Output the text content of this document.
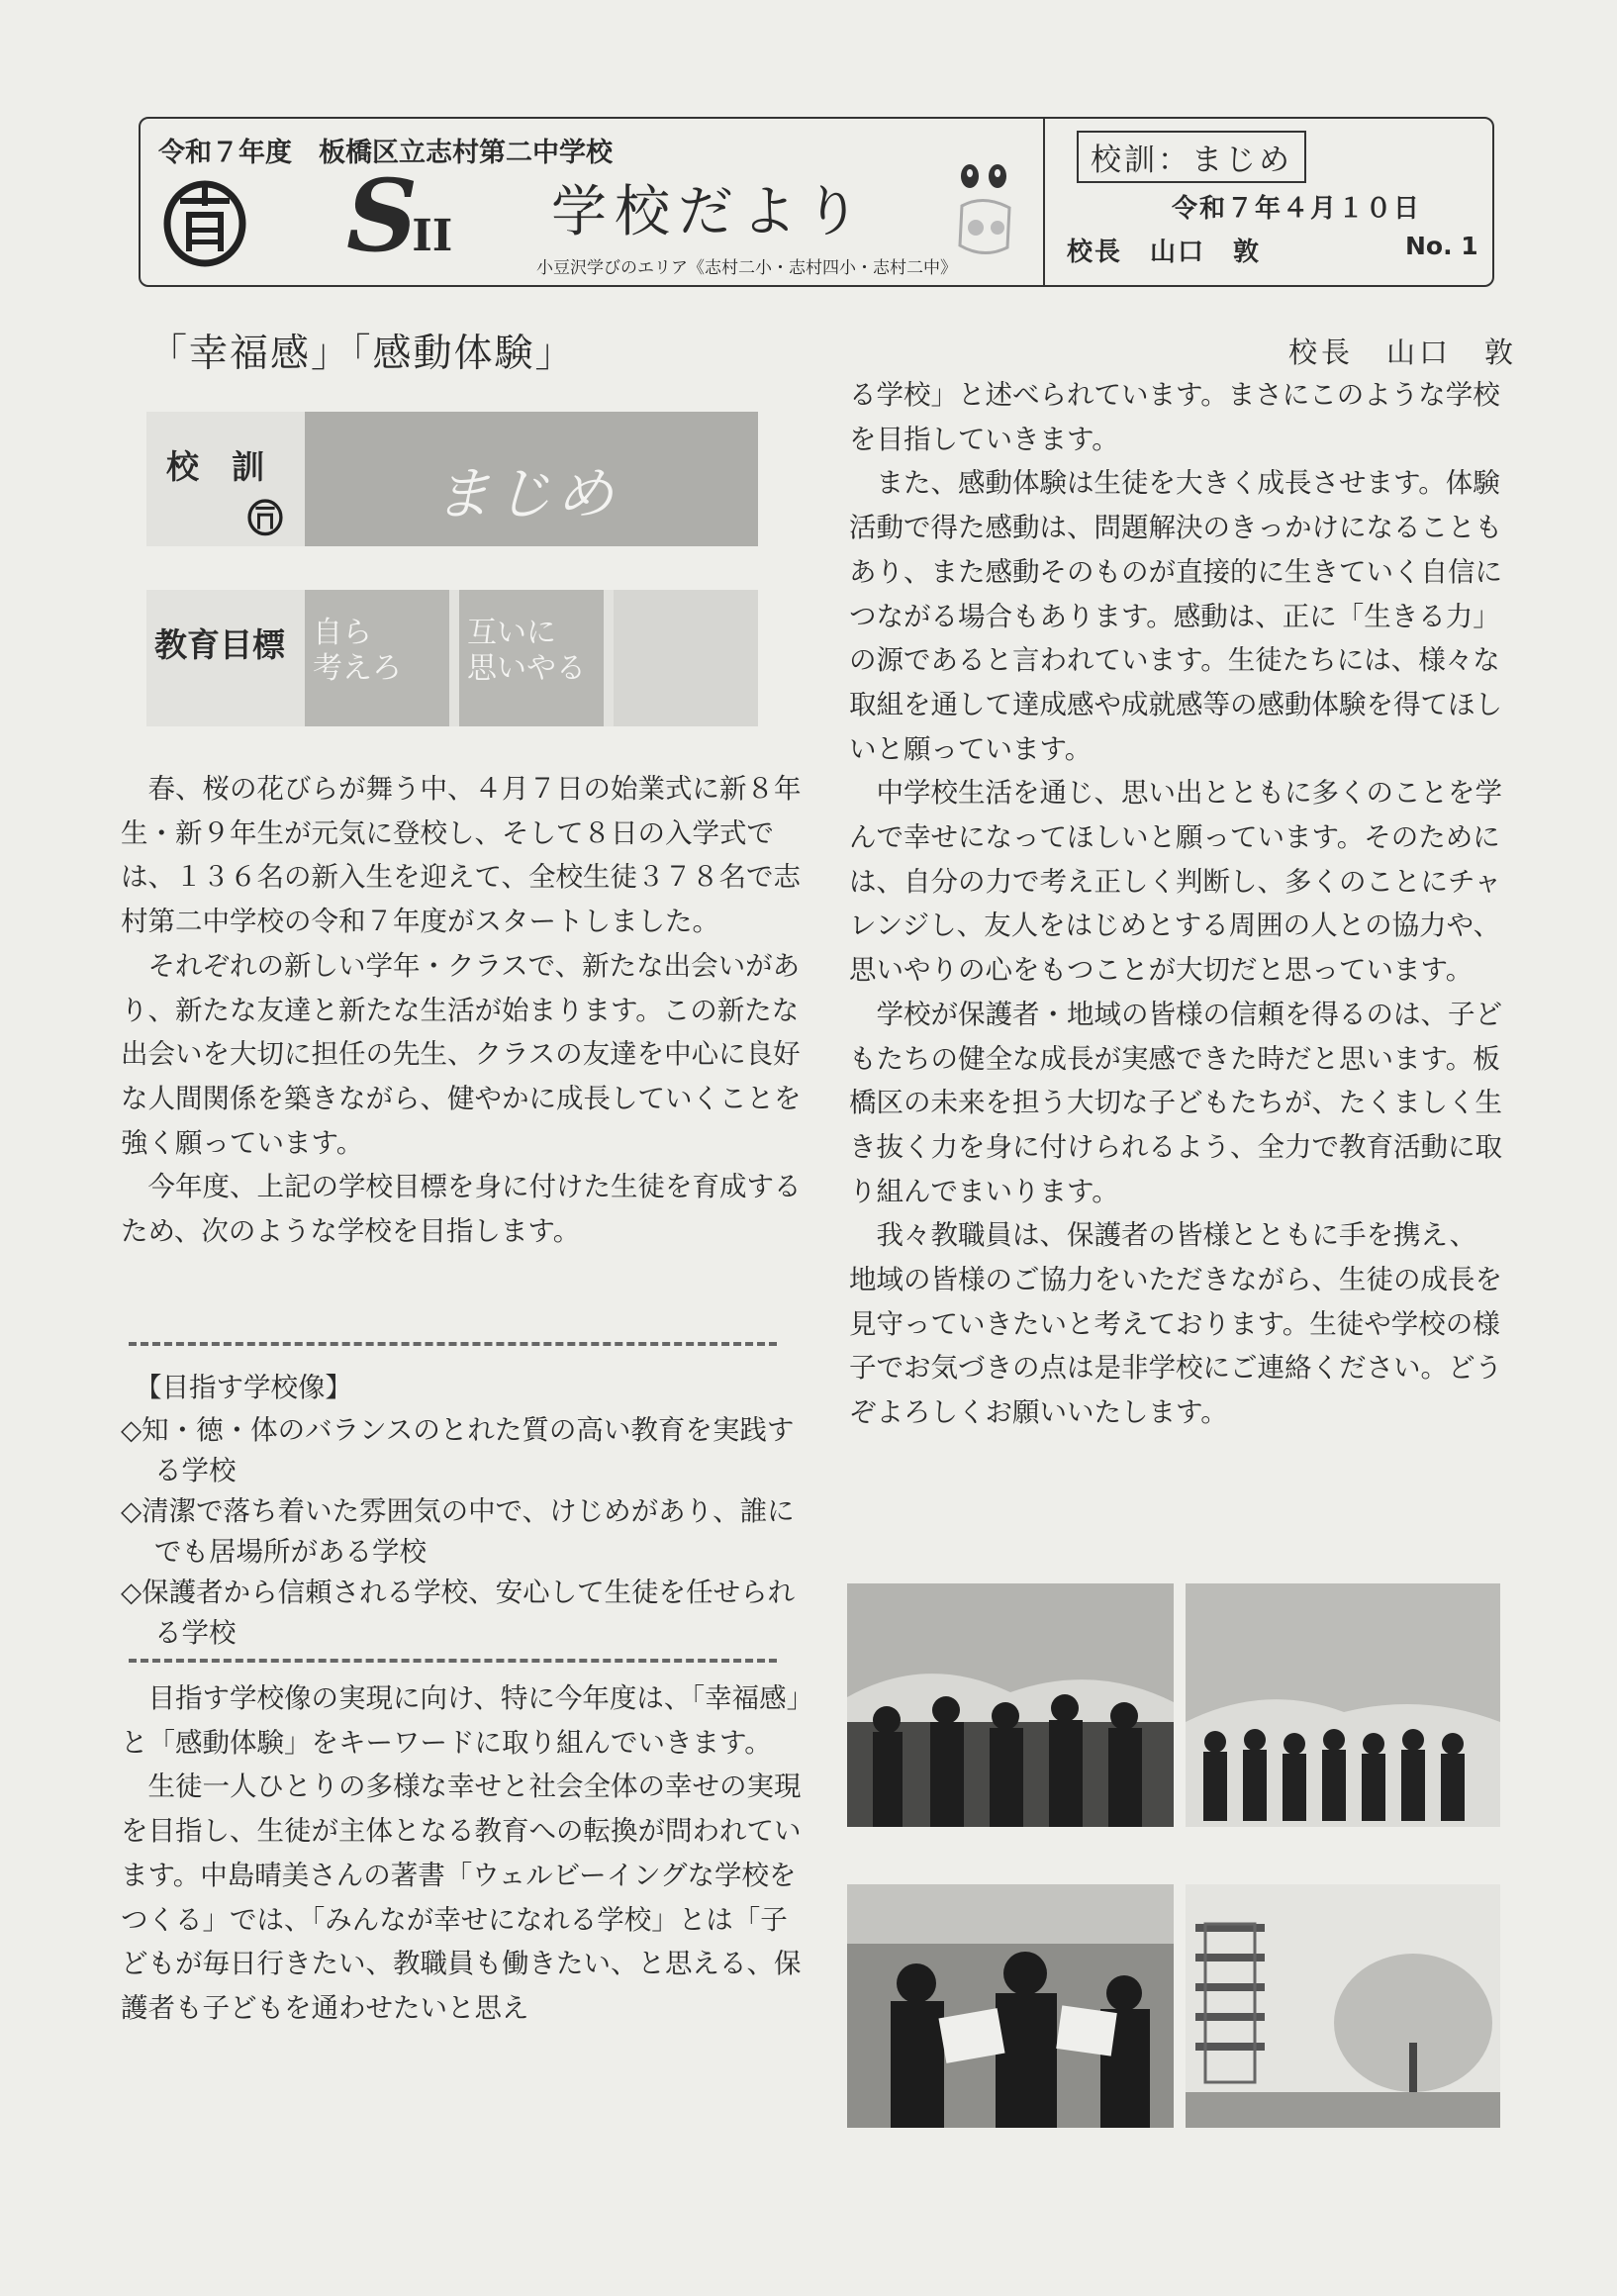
令和７年度　板橋区立志村第二中学校
SII 学校だより
小豆沢学びのエリア《志村二小・志村四小・志村二中》
校訓：まじめ
令和７年４月１０日
校長　山口　敦	No. 1
「幸福感」「感動体験」	校長　山口　敦
校　訓	まじめ
教育目標 自ら
考えろ
互いに
思いやる

春、桜の花びらが舞う中、４月７日の始業式に新８年生・新９年生が元気に登校し、そして８日の入学式では、１３６名の新入生を迎えて、全校生徒３７８名で志村第二中学校の令和７年度がスタートしました。

それぞれの新しい学年・クラスで、新たな出会いがあり、新たな友達と新たな生活が始まります。この新たな出会いを大切に担任の先生、クラスの友達を中心に良好な人間関係を築きながら、健やかに成長していくことを強く願っています。

今年度、上記の学校目標を身に付けた生徒を育成するため、次のような学校を目指します。

【目指す学校像】

◇知・徳・体のバランスのとれた質の高い教育を実践する学校

◇清潔で落ち着いた雰囲気の中で、けじめがあり、誰にでも居場所がある学校

◇保護者から信頼される学校、安心して生徒を任せられる学校

目指す学校像の実現に向け、特に今年度は、「幸福感」と「感動体験」をキーワードに取り組んでいきます。

生徒一人ひとりの多様な幸せと社会全体の幸せの実現を目指し、生徒が主体となる教育への転換が問われています。中島晴美さんの著書「ウェルビーイングな学校をつくる」では、「みんなが幸せになれる学校」とは「子どもが毎日行きたい、教職員も働きたい、と思える、保護者も子どもを通わせたいと思え

る学校」と述べられています。まさにこのような学校を目指していきます。

また、感動体験は生徒を大きく成長させます。体験活動で得た感動は、問題解決のきっかけになることもあり、また感動そのものが直接的に生きていく自信につながる場合もあります。感動は、正に「生きる力」の源であると言われています。生徒たちには、様々な取組を通して達成感や成就感等の感動体験を得てほしいと願っています。

中学校生活を通じ、思い出とともに多くのことを学んで幸せになってほしいと願っています。そのためには、自分の力で考え正しく判断し、多くのことにチャレンジし、友人をはじめとする周囲の人との協力や、思いやりの心をもつことが大切だと思っています。

学校が保護者・地域の皆様の信頼を得るのは、子どもたちの健全な成長が実感できた時だと思います。板橋区の未来を担う大切な子どもたちが、たくましく生き抜く力を身に付けられるよう、全力で教育活動に取り組んでまいります。

我々教職員は、保護者の皆様とともに手を携え、地域の皆様のご協力をいただきながら、生徒の成長を見守っていきたいと考えております。生徒や学校の様子でお気づきの点は是非学校にご連絡ください。どうぞよろしくお願いいたします。
